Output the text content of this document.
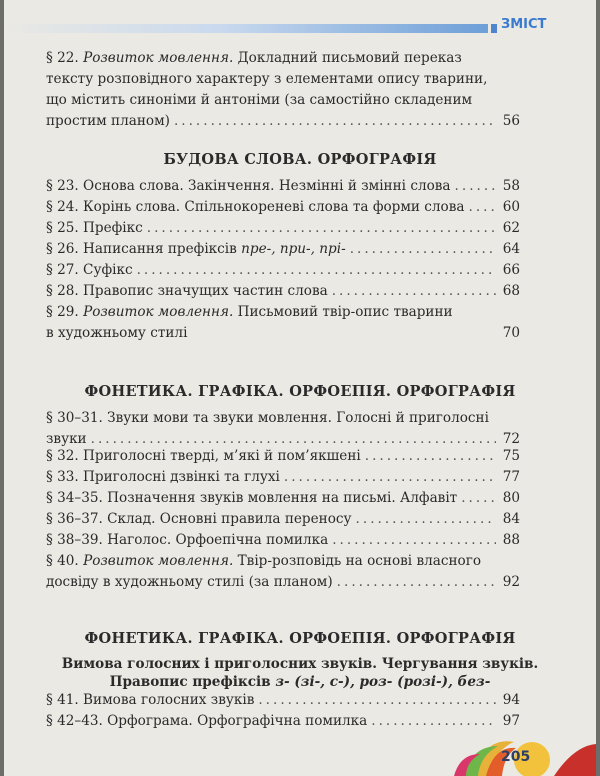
ЗМІСТ
§ 22. Розвиток мовлення. Докладний письмовий переказ
тексту розповідного характеру з елементами опису тварини,
що містить синоніми й антоніми (за самостійно складеним
простим планом) .....	56
БУДОВА СЛОВА. ОРФОГРАФІЯ
§ 23. Основа слова. Закінчення. Незмінні й змінні слова .....	58
§ 24. Корінь слова. Спільнокореневі слова та форми слова .....	60
§ 25. Префікс .....	62
§ 26. Написання префіксів пре-, при-, прі- .....	64
§ 27. Суфікс .....	66
§ 28. Правопис значущих частин слова .....	68
§ 29. Розвиток мовлення. Письмовий твір-опис тварини
в художньому стилі	70
ФОНЕТИКА. ГРАФІКА. ОРФОЕПІЯ. ОРФОГРАФІЯ
§ 30–31. Звуки мови та звуки мовлення. Голосні й приголосні
звуки .....	72
§ 32. Приголосні тверді, м’які й пом’якшені .....	75
§ 33. Приголосні дзвінкі та глухі .....	77
§ 34–35. Позначення звуків мовлення на письмі. Алфавіт .....	80
§ 36–37. Склад. Основні правила переносу .....	84
§ 38–39. Наголос. Орфоепічна помилка .....	88
§ 40. Розвиток мовлення. Твір-розповідь на основі власного
досвіду в художньому стилі (за планом) .....	92
ФОНЕТИКА. ГРАФІКА. ОРФОЕПІЯ. ОРФОГРАФІЯ
Вимова голосних і приголосних звуків. Чергування звуків.
Правопис префіксів з- (зі-, с-), роз- (розі-), без-
§ 41. Вимова голосних звуків .....	94
§ 42–43. Орфограма. Орфографічна помилка .....	97
205
